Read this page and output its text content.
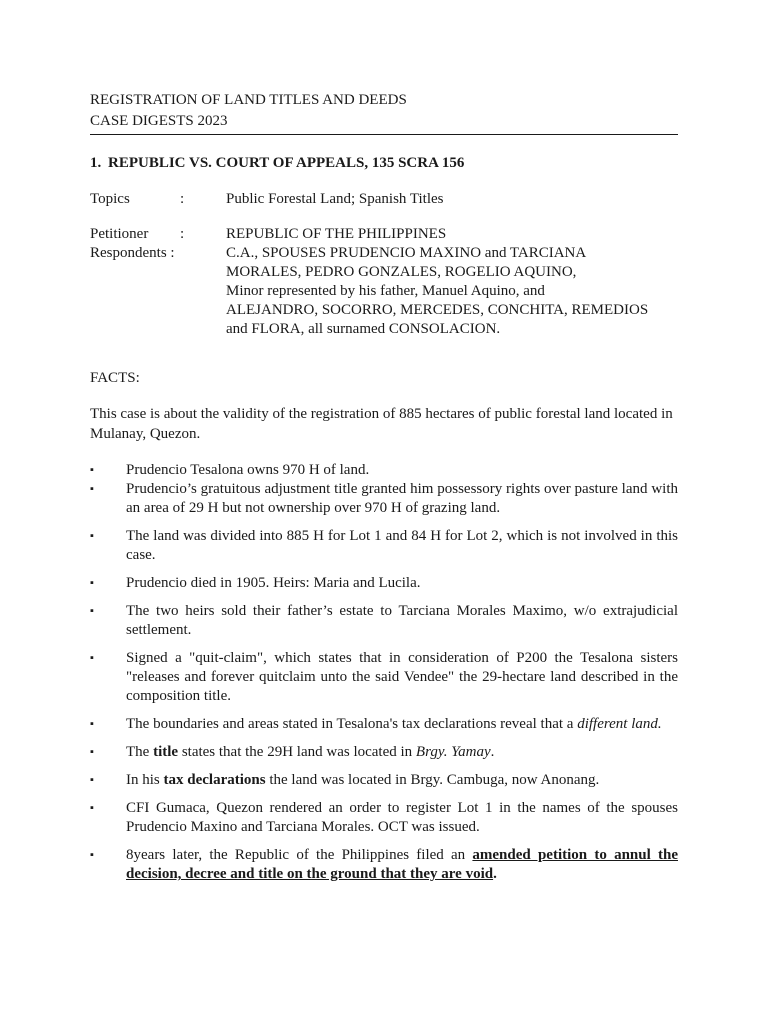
REGISTRATION OF LAND TITLES AND DEEDS
CASE DIGESTS 2023
1. REPUBLIC VS. COURT OF APPEALS, 135 SCRA 156
Topics	:	Public Forestal Land; Spanish Titles
Petitioner	:	REPUBLIC OF THE PHILIPPINES
Respondents :	C.A., SPOUSES PRUDENCIO MAXINO and TARCIANA
MORALES, PEDRO GONZALES, ROGELIO AQUINO,
Minor represented by his father, Manuel Aquino, and
ALEJANDRO, SOCORRO, MERCEDES, CONCHITA, REMEDIOS
and FLORA, all surnamed CONSOLACION.
FACTS:
This case is about the validity of the registration of 885 hectares of public forestal land located in Mulanay, Quezon.
▪
Prudencio Tesalona owns 970 H of land.
▪
Prudencio’s gratuitous adjustment title granted him possessory rights over pasture land with an area of 29 H but not ownership over 970 H of grazing land.
▪
The land was divided into 885 H for Lot 1 and 84 H for Lot 2, which is not involved in this case.
▪
Prudencio died in 1905. Heirs: Maria and Lucila.
▪
The two heirs sold their father’s estate to Tarciana Morales Maximo, w/o extrajudicial settlement.
▪
Signed a "quit-claim", which states that in consideration of P200 the Tesalona sisters "releases and forever quitclaim unto the said Vendee" the 29-hectare land described in the composition title.
▪
The boundaries and areas stated in Tesalona's tax declarations reveal that a different land.
▪
The title states that the 29H land was located in Brgy. Yamay.
▪
In his tax declarations the land was located in Brgy. Cambuga, now Anonang.
▪
CFI Gumaca, Quezon rendered an order to register Lot 1 in the names of the spouses Prudencio Maxino and Tarciana Morales. OCT was issued.
▪
8years later, the Republic of the Philippines filed an amended petition to annul the decision, decree and title on the ground that they are void.
